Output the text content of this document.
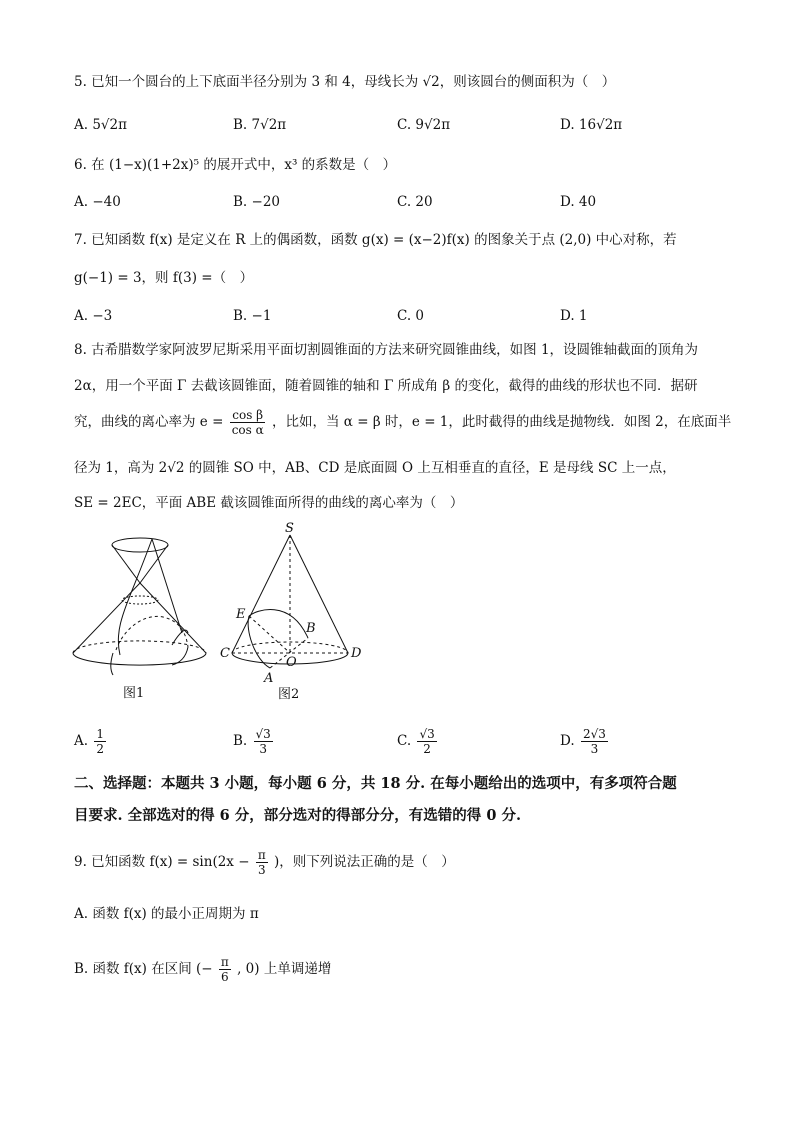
5. 已知一个圆台的上下底面半径分别为 3 和 4，母线长为 √2，则该圆台的侧面积为（　）
A. 5√2π	B. 7√2π	C. 9√2π	D. 16√2π
6. 在 (1−x)(1+2x)⁵ 的展开式中，x³ 的系数是（　）
A. −40	B. −20	C. 20	D. 40
7. 已知函数 f(x) 是定义在 R 上的偶函数，函数 g(x) = (x−2)f(x) 的图象关于点 (2,0) 中心对称，若
g(−1) = 3，则 f(3) =（　）
A. −3	B. −1	C. 0	D. 1
8. 古希腊数学家阿波罗尼斯采用平面切割圆锥面的方法来研究圆锥曲线，如图 1，设圆锥轴截面的顶角为
2α，用一个平面 Γ 去截该圆锥面，随着圆锥的轴和 Γ 所成角 β 的变化，截得的曲线的形状也不同．据研
究，曲线的离心率为 $e = \frac{\text{cos β}}{\text{cos α}}$ ，比如，当 α = β 时，e = 1，此时截得的曲线是抛物线．如图 2，在底面半
径为 1，高为 2√2 的圆锥 SO 中，AB、CD 是底面圆 O 上互相垂直的直径，E 是母线 SC 上一点，
SE = 2EC，平面 ABE 截该圆锥面所得的曲线的离心率为（　）
图1
S
E
B
C
O
D
A
图2
A. $\frac{1}{2}$	B. $\frac{√3}{3}$	C. $\frac{√3}{2}$	D. $\frac{2√3}{3}$
二、选择题：本题共 3 小题，每小题 6 分，共 18 分. 在每小题给出的选项中，有多项符合题
目要求. 全部选对的得 6 分，部分选对的得部分分，有选错的得 0 分.
9. 已知函数 $f(x) = \sin(2x - \frac{\pi}{3}$ )，则下列说法正确的是（　）
A. 函数 f(x) 的最小正周期为 π
B. 函数 f(x) 在区间 (− $\frac{\pi}{6}$ , 0) 上单调递增
